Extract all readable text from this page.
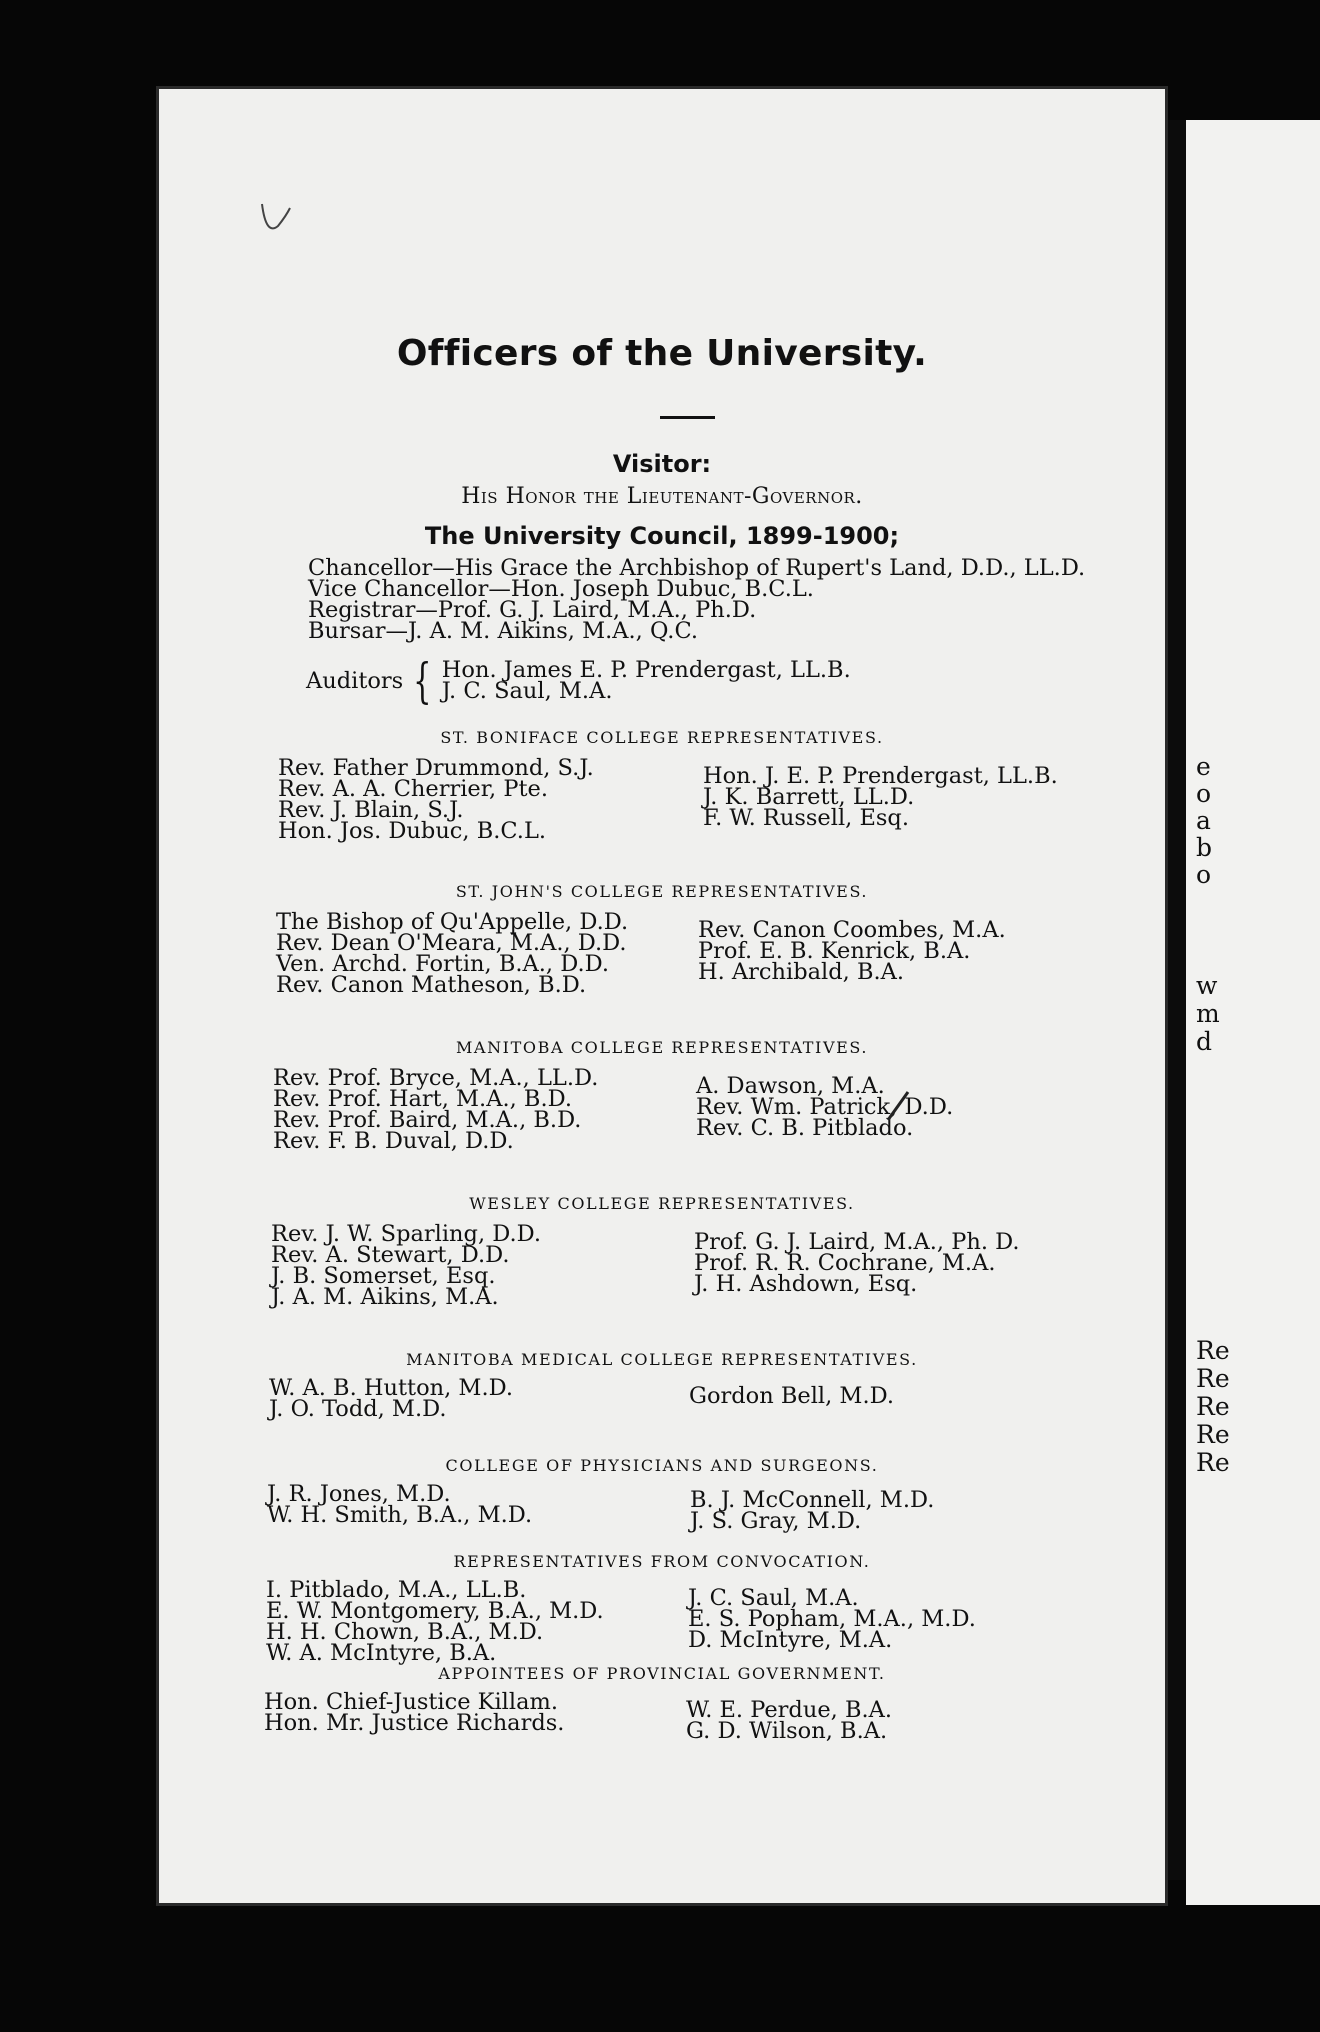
Officers of the University.
Visitor:
His Honor the Lieutenant-Governor.
The University Council, 1899-1900;
Chancellor—His Grace the Archbishop of Rupert's Land, D.D., LL.D.
Vice Chancellor—Hon. Joseph Dubuc, B.C.L.
Registrar—Prof. G. J. Laird, M.A., Ph.D.
Bursar—J. A. M. Aikins, M.A., Q.C.
Auditors { Hon. James E. P. Prendergast, LL.B.
J. C. Saul, M.A.
ST. BONIFACE COLLEGE REPRESENTATIVES.
Rev. Father Drummond, S.J.
Rev. A. A. Cherrier, Pte.
Rev. J. Blain, S.J.
Hon. Jos. Dubuc, B.C.L.
Hon. J. E. P. Prendergast, LL.B.
J. K. Barrett, LL.D.
F. W. Russell, Esq.
ST. JOHN'S COLLEGE REPRESENTATIVES.
The Bishop of Qu'Appelle, D.D.
Rev. Dean O'Meara, M.A., D.D.
Ven. Archd. Fortin, B.A., D.D.
Rev. Canon Matheson, B.D.
Rev. Canon Coombes, M.A.
Prof. E. B. Kenrick, B.A.
H. Archibald, B.A.
MANITOBA COLLEGE REPRESENTATIVES.
Rev. Prof. Bryce, M.A., LL.D.
Rev. Prof. Hart, M.A., B.D.
Rev. Prof. Baird, M.A., B.D.
Rev. F. B. Duval, D.D.
A. Dawson, M.A.
Rev. Wm. Patrick, D.D.
Rev. C. B. Pitblado.
WESLEY COLLEGE REPRESENTATIVES.
Rev. J. W. Sparling, D.D.
Rev. A. Stewart, D.D.
J. B. Somerset, Esq.
J. A. M. Aikins, M.A.
Prof. G. J. Laird, M.A., Ph. D.
Prof. R. R. Cochrane, M.A.
J. H. Ashdown, Esq.
MANITOBA MEDICAL COLLEGE REPRESENTATIVES.
W. A. B. Hutton, M.D.
J. O. Todd, M.D.	Gordon Bell, M.D.
COLLEGE OF PHYSICIANS AND SURGEONS.
J. R. Jones, M.D.
W. H. Smith, B.A., M.D.
B. J. McConnell, M.D.
J. S. Gray, M.D.
REPRESENTATIVES FROM CONVOCATION.
I. Pitblado, M.A., LL.B.
E. W. Montgomery, B.A., M.D.
H. H. Chown, B.A., M.D.
W. A. McIntyre, B.A.
J. C. Saul, M.A.
E. S. Popham, M.A., M.D.
D. McIntyre, M.A.
APPOINTEES OF PROVINCIAL GOVERNMENT.
Hon. Chief-Justice Killam.
Hon. Mr. Justice Richards.	W. E. Perdue, B.A.
G. D. Wilson, B.A.
e
o
a
b
o
w
m
d
Re
Re
Re
Re
Re
